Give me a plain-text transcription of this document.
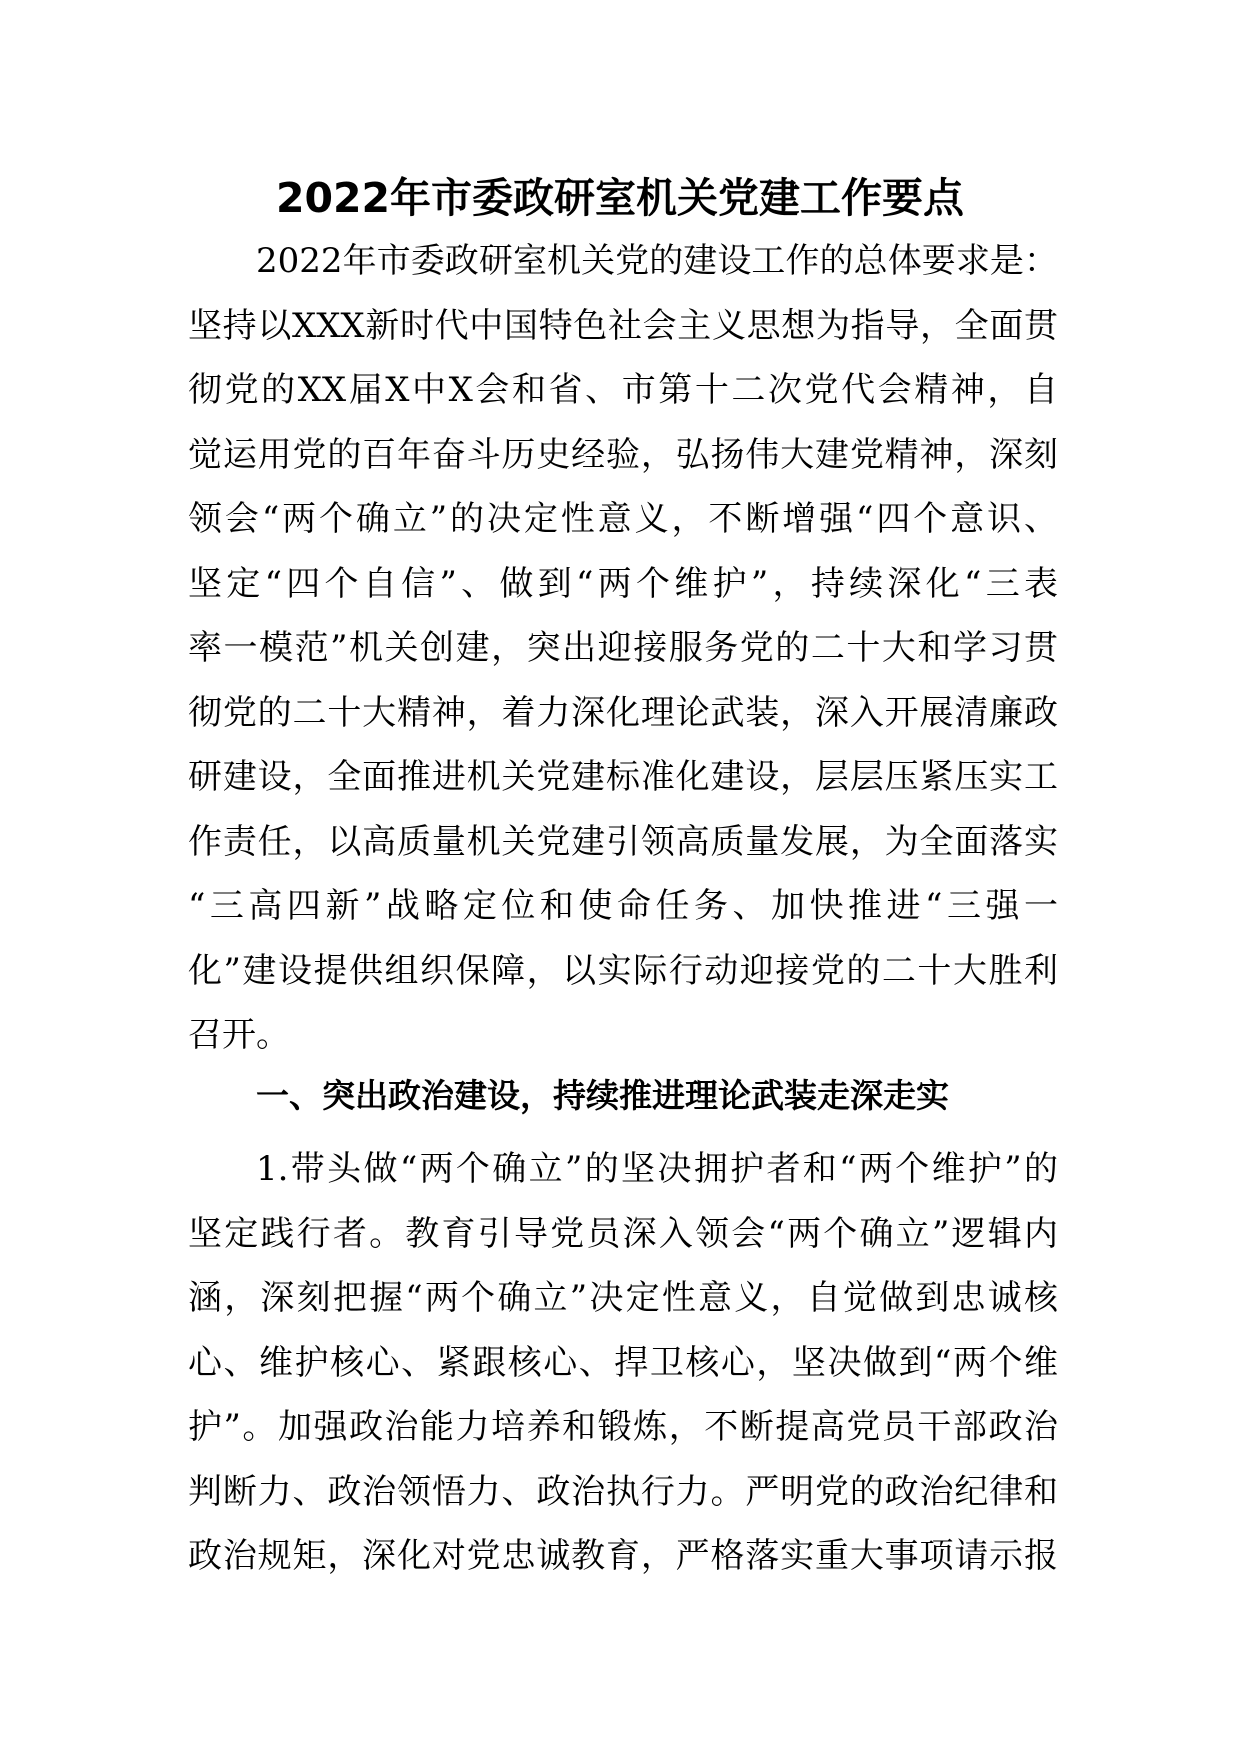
2022年市委政研室机关党建工作要点
2022年市委政研室机关党的建设工作的总体要求是：
坚持以XXX新时代中国特色社会主义思想为指导，全面贯
彻党的XX届X中X会和省、市第十二次党代会精神，自
觉运用党的百年奋斗历史经验，弘扬伟大建党精神，深刻
领会“两个确立”的决定性意义，不断增强“四个意识、
坚定“四个自信”、做到“两个维护”，持续深化“三表
率一模范”机关创建，突出迎接服务党的二十大和学习贯
彻党的二十大精神，着力深化理论武装，深入开展清廉政
研建设，全面推进机关党建标准化建设，层层压紧压实工
作责任，以高质量机关党建引领高质量发展，为全面落实
“三高四新”战略定位和使命任务、加快推进“三强一
化”建设提供组织保障，以实际行动迎接党的二十大胜利
召开。
一、突出政治建设，持续推进理论武装走深走实
1.带头做“两个确立”的坚决拥护者和“两个维护”的
坚定践行者。教育引导党员深入领会“两个确立”逻辑内
涵，深刻把握“两个确立”决定性意义，自觉做到忠诚核
心、维护核心、紧跟核心、捍卫核心，坚决做到“两个维
护”。加强政治能力培养和锻炼，不断提高党员干部政治
判断力、政治领悟力、政治执行力。严明党的政治纪律和
政治规矩，深化对党忠诚教育，严格落实重大事项请示报
